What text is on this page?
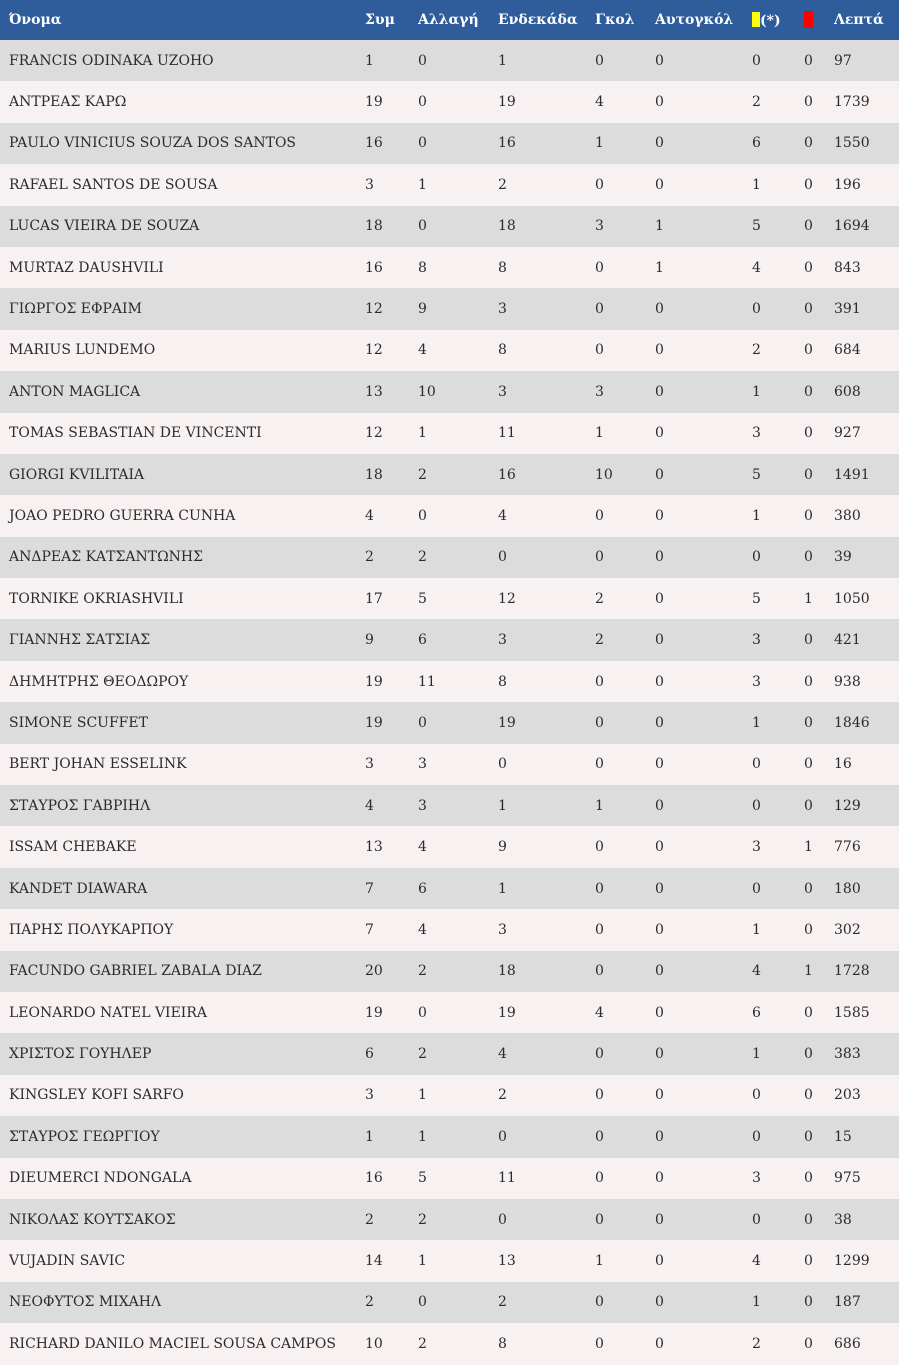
Όνομα	Συμ	Αλλαγή	Ενδεκάδα	Γκολ	Αυτογκόλ	(*)		Λεπτά
FRANCIS ODINAKA UZOHO	1	0	1	0	0	0	0	97
ΑΝΤΡΕΑΣ ΚΑΡΩ	19	0	19	4	0	2	0	1739
PAULO VINICIUS SOUZA DOS SANTOS	16	0	16	1	0	6	0	1550
RAFAEL SANTOS DE SOUSA	3	1	2	0	0	1	0	196
LUCAS VIEIRA DE SOUZA	18	0	18	3	1	5	0	1694
MURTAZ DAUSHVILI	16	8	8	0	1	4	0	843
ΓΙΩΡΓΟΣ ΕΦΡΑΙΜ	12	9	3	0	0	0	0	391
MARIUS LUNDEMO	12	4	8	0	0	2	0	684
ANTON MAGLICA	13	10	3	3	0	1	0	608
TOMAS SEBASTIAN DE VINCENTI	12	1	11	1	0	3	0	927
GIORGI KVILITAIA	18	2	16	10	0	5	0	1491
JOAO PEDRO GUERRA CUNHA	4	0	4	0	0	1	0	380
ΑΝΔΡΕΑΣ ΚΑΤΣΑΝΤΩΝΗΣ	2	2	0	0	0	0	0	39
TORNIKE OKRIASHVILI	17	5	12	2	0	5	1	1050
ΓΙΑΝΝΗΣ ΣΑΤΣΙΑΣ	9	6	3	2	0	3	0	421
ΔΗΜΗΤΡΗΣ ΘΕΟΔΩΡΟΥ	19	11	8	0	0	3	0	938
SIMONE SCUFFET	19	0	19	0	0	1	0	1846
BERT JOHAN ESSELINK	3	3	0	0	0	0	0	16
ΣΤΑΥΡΟΣ ΓΑΒΡΙΗΛ	4	3	1	1	0	0	0	129
ISSAM CHEBAKE	13	4	9	0	0	3	1	776
KANDET DIAWARA	7	6	1	0	0	0	0	180
ΠΑΡΗΣ ΠΟΛΥΚΑΡΠΟΥ	7	4	3	0	0	1	0	302
FACUNDO GABRIEL ZABALA DIAZ	20	2	18	0	0	4	1	1728
LEONARDO NATEL VIEIRA	19	0	19	4	0	6	0	1585
ΧΡΙΣΤΟΣ ΓΟΥΗΛΕΡ	6	2	4	0	0	1	0	383
KINGSLEY KOFI SARFO	3	1	2	0	0	0	0	203
ΣΤΑΥΡΟΣ ΓΕΩΡΓΙΟΥ	1	1	0	0	0	0	0	15
DIEUMERCI NDONGALA	16	5	11	0	0	3	0	975
ΝΙΚΟΛΑΣ ΚΟΥΤΣΑΚΟΣ	2	2	0	0	0	0	0	38
VUJADIN SAVIC	14	1	13	1	0	4	0	1299
ΝΕΟΦΥΤΟΣ ΜΙΧΑΗΛ	2	0	2	0	0	1	0	187
RICHARD DANILO MACIEL SOUSA CAMPOS	10	2	8	0	0	2	0	686
